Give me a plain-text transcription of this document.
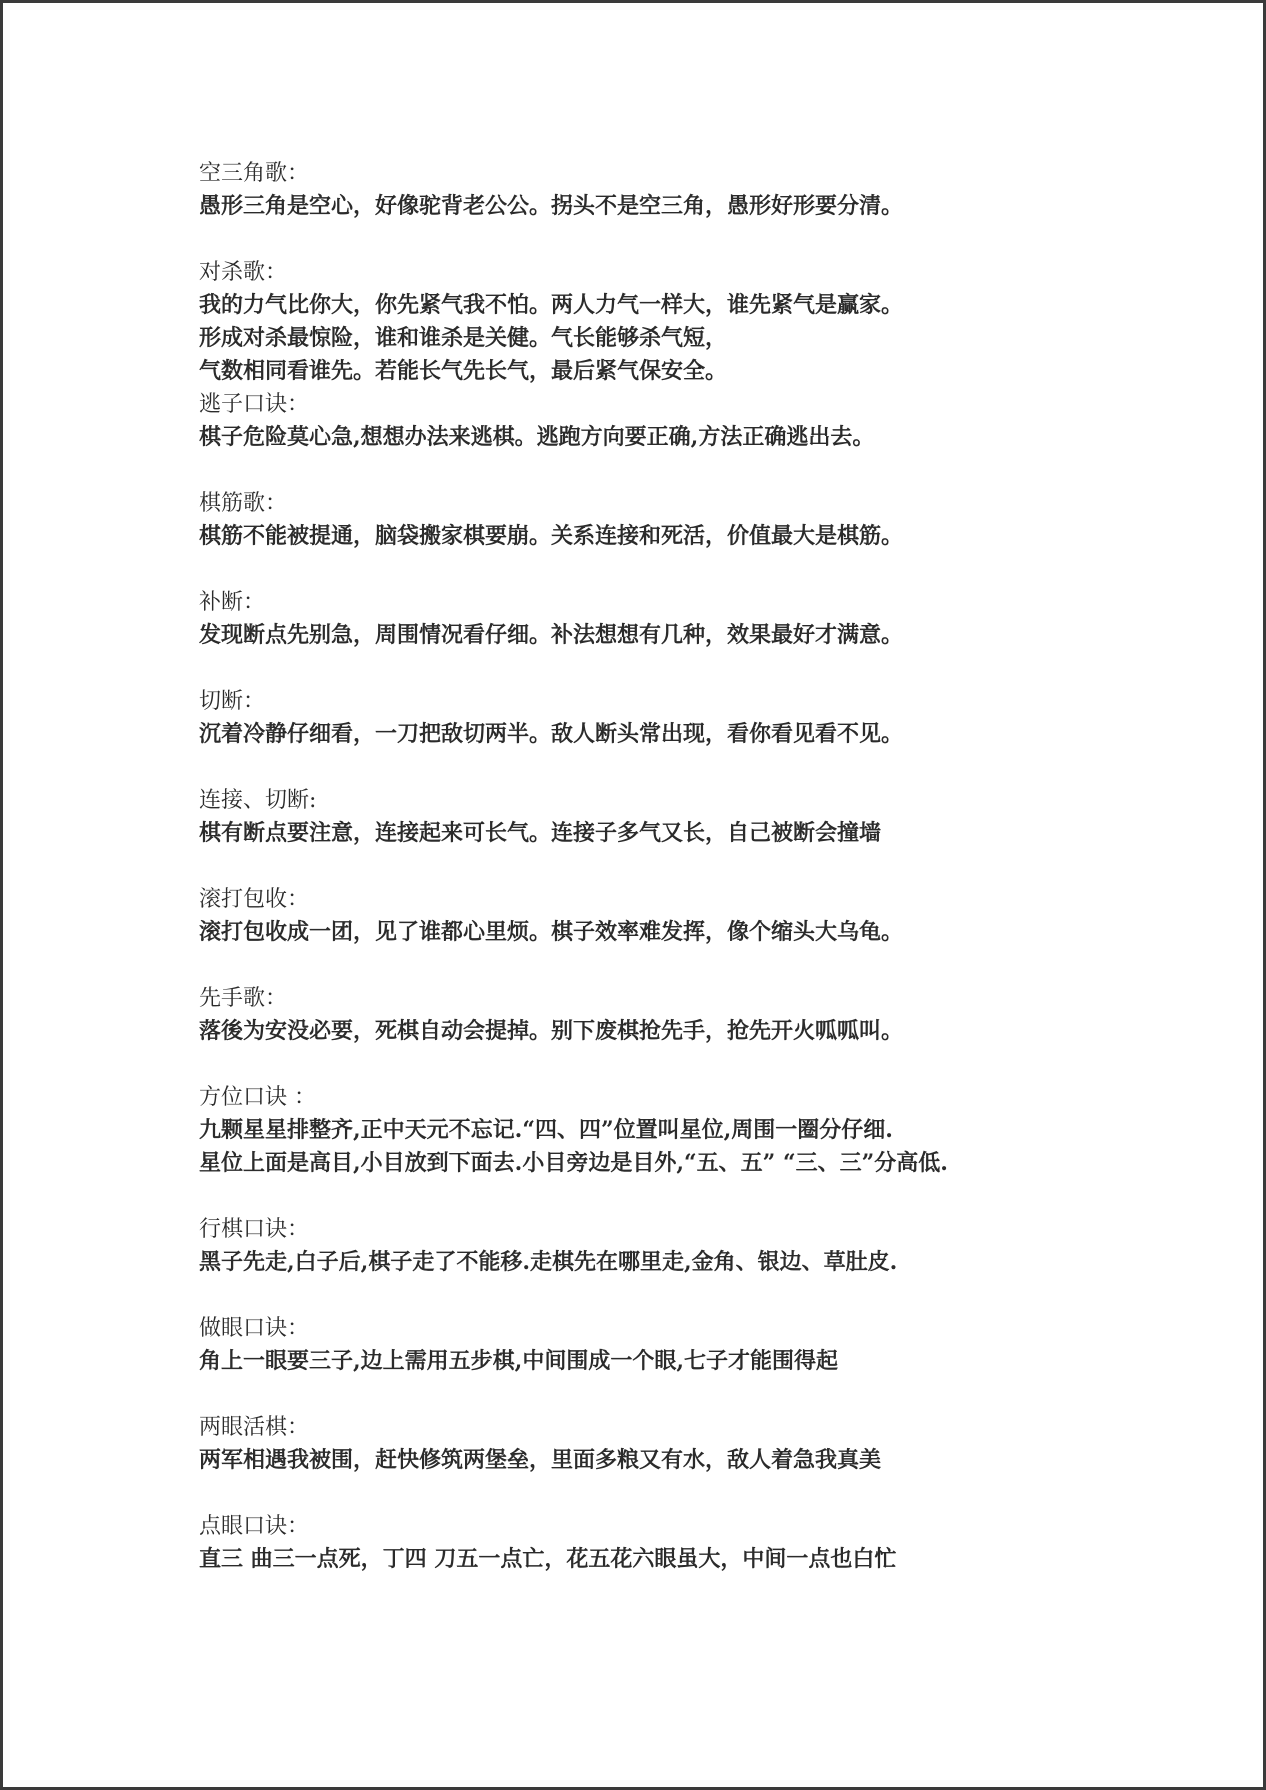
空三角歌：
愚形三角是空心，好像驼背老公公。拐头不是空三角，愚形好形要分清。
对杀歌：
我的力气比你大，你先紧气我不怕。两人力气一样大，谁先紧气是赢家。
形成对杀最惊险，谁和谁杀是关健。气长能够杀气短，
气数相同看谁先。若能长气先长气，最后紧气保安全。
逃子口诀：
棋子危险莫心急,想想办法来逃棋。逃跑方向要正确,方法正确逃出去。
棋筋歌：
棋筋不能被提通，脑袋搬家棋要崩。关系连接和死活，价值最大是棋筋。
补断：
发现断点先别急，周围情况看仔细。补法想想有几种，效果最好才满意。
切断：
沉着冷静仔细看，一刀把敌切两半。敌人断头常出现，看你看见看不见。
连接、切断:
棋有断点要注意，连接起来可长气。连接子多气又长，自己被断会撞墙
滚打包收：
滚打包收成一团，见了谁都心里烦。棋子效率难发挥，像个缩头大乌龟。
先手歌：
落後为安没必要，死棋自动会提掉。别下废棋抢先手，抢先开火呱呱叫。
方位口诀 ：
九颗星星排整齐,正中天元不忘记.“四、四”位置叫星位,周围一圈分仔细.
星位上面是高目,小目放到下面去.小目旁边是目外,“五、五” “三、三”分高低.
行棋口诀：
黑子先走,白子后,棋子走了不能移.走棋先在哪里走,金角、银边、草肚皮.
做眼口诀：
角上一眼要三子,边上需用五步棋,中间围成一个眼,七子才能围得起
两眼活棋：
两军相遇我被围，赶快修筑两堡垒，里面多粮又有水，敌人着急我真美
点眼口诀：
直三 曲三一点死，丁四 刀五一点亡，花五花六眼虽大，中间一点也白忙
